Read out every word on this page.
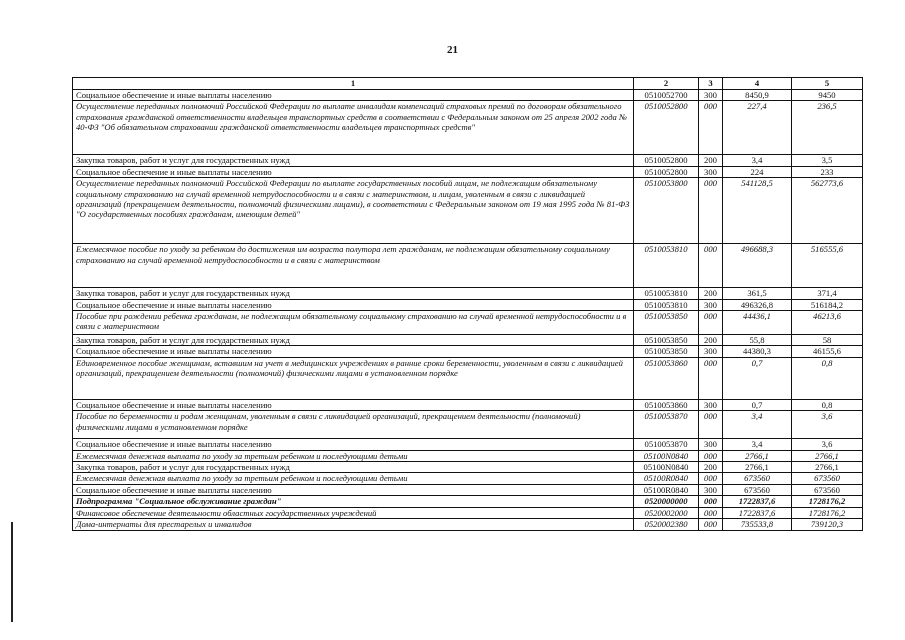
21
1	2	3	4	5
Социальное обеспечение и иные выплаты населению	0510052700	300	8450,9	9450
Осуществление переданных полномочий Российской Федерации по выплате инвалидам компенсаций страховых премий по договорам обязательного страхования гражданской ответственности владельцев транспортных средств в соответствии с Федеральным законом от 25 апреля 2002 года № 40-ФЗ "Об обязательном страховании гражданской ответственности владельцев транспортных средств"	0510052800	000	227,4	236,5
Закупка товаров, работ и услуг для государственных нужд	0510052800	200	3,4	3,5
Социальное обеспечение и иные выплаты населению	0510052800	300	224	233
Осуществление переданных полномочий Российской Федерации по выплате государственных пособий лицам, не подлежащим обязательному социальному страхованию на случай временной нетрудоспособности и в связи с материнством, и лицам, уволенным в связи с ликвидацией организаций (прекращением деятельности, полномочий физическими лицами), в соответствии с Федеральным законом от 19 мая 1995 года № 81-ФЗ "О государственных пособиях гражданам, имеющим детей"	0510053800	000	541128,5	562773,6
Ежемесячное пособие по уходу за ребенком до достижения им возраста полутора лет гражданам, не подлежащим обязательному социальному страхованию на случай временной нетрудоспособности и в связи с материнством	0510053810	000	496688,3	516555,6
Закупка товаров, работ и услуг для государственных нужд	0510053810	200	361,5	371,4
Социальное обеспечение и иные выплаты населению	0510053810	300	496326,8	516184,2
Пособие при рождении ребенка гражданам, не подлежащим обязательному социальному страхованию на случай временной нетрудоспособности и в связи с материнством	0510053850	000	44436,1	46213,6
Закупка товаров, работ и услуг для государственных нужд	0510053850	200	55,8	58
Социальное обеспечение и иные выплаты населению	0510053850	300	44380,3	46155,6
Единовременное пособие женщинам, вставшим на учет в медицинских учреждениях в ранние сроки беременности, уволенным в связи с ликвидацией организаций, прекращением деятельности (полномочий) физическими лицами в установленном порядке	0510053860	000	0,7	0,8
Социальное обеспечение и иные выплаты населению	0510053860	300	0,7	0,8
Пособие по беременности и родам женщинам, уволенным в связи с ликвидацией организаций, прекращением деятельности (полномочий) физическими лицами в установленном порядке	0510053870	000	3,4	3,6
Социальное обеспечение и иные выплаты населению	0510053870	300	3,4	3,6
Ежемесячная денежная выплата по уходу за третьим ребенком и последующими детьми	05100N0840	000	2766,1	2766,1
Закупка товаров, работ и услуг для государственных нужд	05100N0840	200	2766,1	2766,1
Ежемесячная денежная выплата по уходу за третьим ребенком и последующими детьми	05100R0840	000	673560	673560
Социальное обеспечение и иные выплаты населению	05100R0840	300	673560	673560
Подпрограмма "Социальное обслуживание граждан"	0520000000	000	1722837,6	1728176,2
Финансовое обеспечение деятельности областных государственных учреждений	0520002000	000	1722837,6	1728176,2
Дома-интернаты для престарелых и инвалидов	0520002380	000	735533,8	739120,3
